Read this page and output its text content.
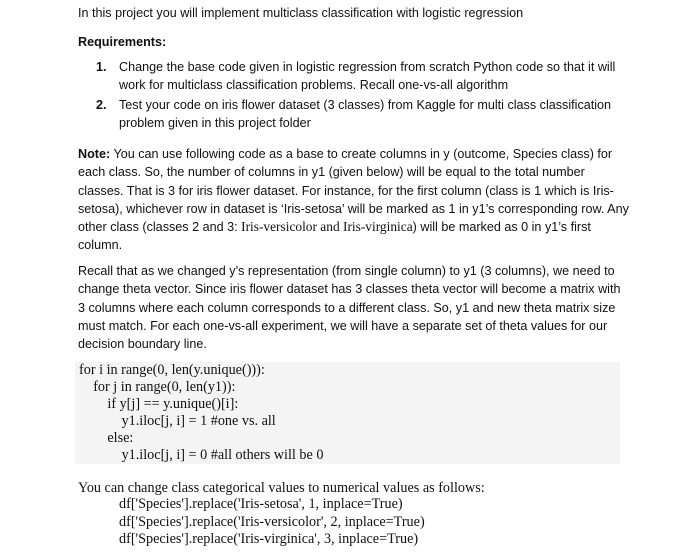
In this project you will implement multiclass classification with logistic regression
Requirements:
1. Change the base code given in logistic regression from scratch Python code so that it will work for multiclass classification problems. Recall one-vs-all algorithm
2. Test your code on iris flower dataset (3 classes) from Kaggle for multi class classification problem given in this project folder
Note: You can use following code as a base to create columns in y (outcome, Species class) for each class. So, the number of columns in y1 (given below) will be equal to the total number classes. That is 3 for iris flower dataset. For instance, for the first column (class is 1 which is Iris-setosa), whichever row in dataset is ‘Iris-setosa’ will be marked as 1 in y1’s corresponding row. Any other class (classes 2 and 3: Iris-versicolor and Iris-virginica) will be marked as 0 in y1’s first column.
Recall that as we changed y’s representation (from single column) to y1 (3 columns), we need to change theta vector. Since iris flower dataset has 3 classes theta vector will become a matrix with 3 columns where each column corresponds to a different class. So, y1 and new theta matrix size must match. For each one-vs-all experiment, we will have a separate set of theta values for our decision boundary line.
for i in range(0, len(y.unique())):
for j in range(0, len(y1)):
if y[j] == y.unique()[i]:
y1.iloc[j, i] = 1 #one vs. all
else:
y1.iloc[j, i] = 0 #all others will be 0
You can change class categorical values to numerical values as follows:
df['Species'].replace('Iris-setosa', 1, inplace=True)
df['Species'].replace('Iris-versicolor', 2, inplace=True)
df['Species'].replace('Iris-virginica', 3, inplace=True)
